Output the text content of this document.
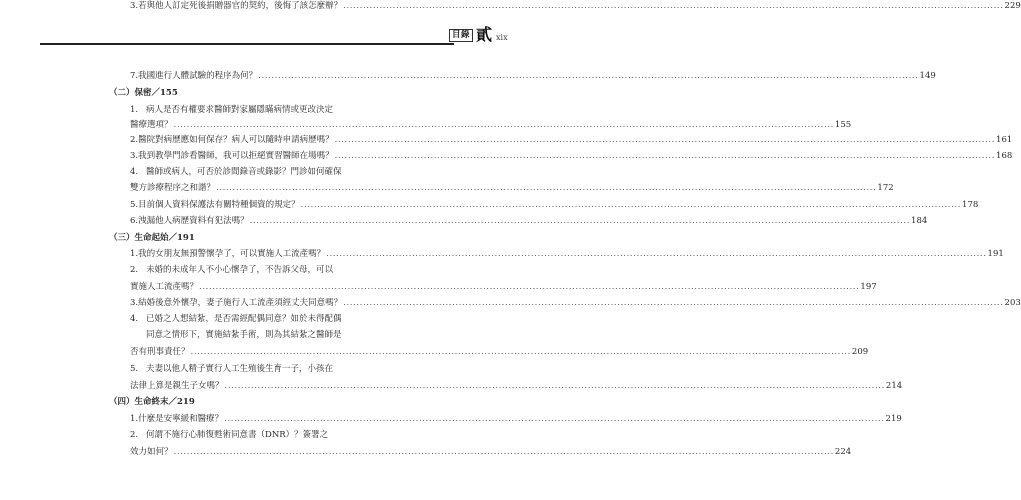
目錄 貳 xix
7. 我國進行人體試驗的程序為何？ ........................................................................................................................................................................................................ 149
（二）保密／155
1. 病人是否有權要求醫師對家屬隱瞞病情或更改決定
醫療選項？ ........................................................................................................................................................................................................ 155
2. 醫院對病歷應如何保存？病人可以隨時申請病歷嗎？ ........................................................................................................................................................................................................ 161
3. 我到教學門診看醫師，我可以拒絕實習醫師在場嗎？ ........................................................................................................................................................................................................ 168
4. 醫師或病人，可否於診間錄音或錄影？門診如何確保
雙方診療程序之和諧？ ........................................................................................................................................................................................................ 172
5. 目前個人資料保護法有關特種個資的規定？ ........................................................................................................................................................................................................ 178
6. 洩漏他人病歷資料有犯法嗎？ ........................................................................................................................................................................................................ 184
（三）生命起始／191
1. 我的女朋友無預警懷孕了，可以實施人工流產嗎？ ........................................................................................................................................................................................................ 191
2. 未婚的未成年人不小心懷孕了，不告訴父母，可以
實施人工流產嗎？ ........................................................................................................................................................................................................ 197
3. 結婚後意外懷孕，妻子施行人工流產須經丈夫同意嗎？ ........................................................................................................................................................................................................ 203
4. 已婚之人想結紮，是否需經配偶同意？如於未得配偶
同意之情形下，實施結紮手術，則為其結紮之醫師是
否有刑事責任？ ........................................................................................................................................................................................................ 209
5. 夫妻以他人精子實行人工生殖後生育一子，小孩在
法律上算是親生子女嗎？ ........................................................................................................................................................................................................ 214
（四）生命終末／219
1. 什麼是安寧緩和醫療？ ........................................................................................................................................................................................................ 219
2. 何謂不施行心肺復甦術同意書（DNR）？簽署之
效力如何？ ........................................................................................................................................................................................................ 224
3. 若與他人訂定死後捐贈器官的契約，後悔了該怎麼辦？ ........................................................................................................................................................................................................ 229
